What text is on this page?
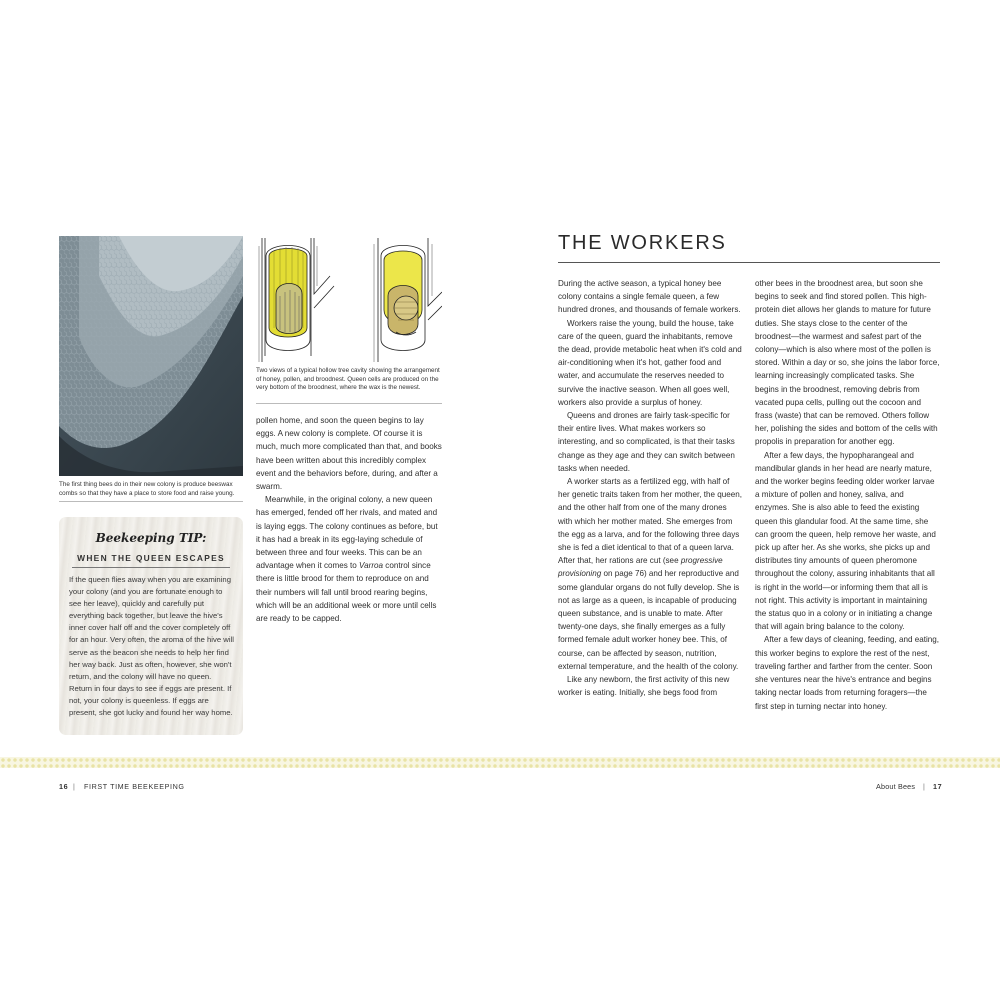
The first thing bees do in their new colony is produce beeswax combs so that they have a place to store food and raise young.
Two views of a typical hollow tree cavity showing the arrangement of honey, pollen, and broodnest. Queen cells are produced on the very bottom of the broodnest, where the wax is the newest.

pollen home, and soon the queen begins to lay eggs. A new colony is complete. Of course it is much, much more complicated than that, and books have been written about this incredibly complex event and the behaviors before, during, and after a swarm.

Meanwhile, in the original colony, a new queen has emerged, fended off her rivals, and mated and is laying eggs. The colony continues as before, but it has had a break in its egg-laying schedule of between three and four weeks. This can be an advantage when it comes to Varroa control since there is little brood for them to reproduce on and their numbers will fall until brood rearing begins, which will be an additional week or more until cells are ready to be capped.

Beekeeping TIP:
WHEN THE QUEEN ESCAPES
If the queen flies away when you are examining your colony (and you are fortunate enough to see her leave), quickly and carefully put everything back together, but leave the hive's inner cover half off and the cover completely off for an hour. Very often, the aroma of the hive will serve as the beacon she needs to help her find her way back. Just as often, however, she won't return, and the colony will have no queen. Return in four days to see if eggs are present. If not, your colony is queenless. If eggs are present, she got lucky and found her way home.
THE WORKERS

During the active season, a typical honey bee colony contains a single female queen, a few hundred drones, and thousands of female workers.

Workers raise the young, build the house, take care of the queen, guard the inhabitants, remove the dead, provide metabolic heat when it's cold and air-conditioning when it's hot, gather food and water, and accumulate the reserves needed to survive the inactive season. When all goes well, workers also provide a surplus of honey.

Queens and drones are fairly task-specific for their entire lives. What makes workers so interesting, and so complicated, is that their tasks change as they age and they can switch between tasks when needed.

A worker starts as a fertilized egg, with half of her genetic traits taken from her mother, the queen, and the other half from one of the many drones with which her mother mated. She emerges from the egg as a larva, and for the following three days she is fed a diet identical to that of a queen larva. After that, her rations are cut (see progressive provisioning on page 76) and her reproductive and some glandular organs do not fully develop. She is not as large as a queen, is incapable of producing queen substance, and is unable to mate. After twenty-one days, she finally emerges as a fully formed female adult worker honey bee. This, of course, can be affected by season, nutrition, external temperature, and the health of the colony.

Like any newborn, the first activity of this new worker is eating. Initially, she begs food from

other bees in the broodnest area, but soon she begins to seek and find stored pollen. This high-protein diet allows her glands to mature for future duties. She stays close to the center of the broodnest—the warmest and safest part of the colony—which is also where most of the pollen is stored. Within a day or so, she joins the labor force, learning increasingly complicated tasks. She begins in the broodnest, removing debris from vacated pupa cells, pulling out the cocoon and frass (waste) that can be removed. Others follow her, polishing the sides and bottom of the cells with propolis in preparation for another egg.

After a few days, the hypopharangeal and mandibular glands in her head are nearly mature, and the worker begins feeding older worker larvae a mixture of pollen and honey, saliva, and enzymes. She is also able to feed the existing queen this glandular food. At the same time, she can groom the queen, help remove her waste, and pick up after her. As she works, she picks up and distributes tiny amounts of queen pheromone throughout the colony, assuring inhabitants that all is right in the world—or informing them that all is not right. This activity is important in maintaining the status quo in a colony or in initiating a change that will again bring balance to the colony.

After a few days of cleaning, feeding, and eating, this worker begins to explore the rest of the nest, traveling farther and farther from the center. Soon she ventures near the hive's entrance and begins taking nectar loads from returning foragers—the first step in turning nectar into honey.

16 | FIRST TIME BEEKEEPING	About Bees | 17
